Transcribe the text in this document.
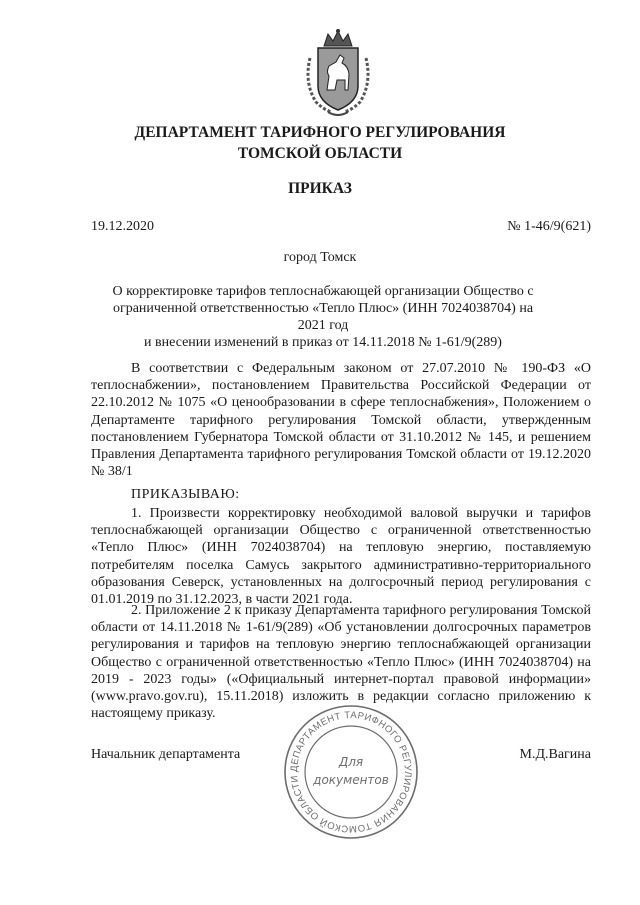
ДЕПАРТАМЕНТ ТАРИФНОГО РЕГУЛИРОВАНИЯ
ТОМСКОЙ ОБЛАСТИ
ПРИКАЗ
19.12.2020	№ 1-46/9(621)
город Томск
О корректировке тарифов теплоснабжающей организации Общество с
ограниченной ответственностью «Тепло Плюс» (ИНН 7024038704) на 2021 год
и внесении изменений в приказ от 14.11.2018 № 1-61/9(289)

В соответствии с Федеральным законом от 27.07.2010 № 190-ФЗ «О теплоснабжении», постановлением Правительства Российской Федерации от 22.10.2012 № 1075 «О ценообразовании в сфере теплоснабжения», Положением о Департаменте тарифного регулирования Томской области, утвержденным постановлением Губернатора Томской области от 31.10.2012 № 145, и решением Правления Департамента тарифного регулирования Томской области от 19.12.2020 № 38/1

ПРИКАЗЫВАЮ:

1. Произвести корректировку необходимой валовой выручки и тарифов теплоснабжающей организации Общество с ограниченной ответственностью «Тепло Плюс» (ИНН 7024038704) на тепловую энергию, поставляемую потребителям поселка Самусь закрытого административно-территориального образования Северск, установленных на долгосрочный период регулирования с 01.01.2019 по 31.12.2023, в части 2021 года.

2. Приложение 2 к приказу Департамента тарифного регулирования Томской области от 14.11.2018 № 1-61/9(289) «Об установлении долгосрочных параметров регулирования и тарифов на тепловую энергию теплоснабжающей организации Общество с ограниченной ответственностью «Тепло Плюс» (ИНН 7024038704) на 2019 - 2023 годы» («Официальный интернет-портал правовой информации» (www.pravo.gov.ru), 15.11.2018) изложить в редакции согласно приложению к настоящему приказу.

Начальник департамента	М.Д.Вагина
ДЕПАРТАМЕНТ ТАРИФНОГО РЕГУЛИРОВАНИЯ ТОМСКОЙ ОБЛАСТИ
Для
документов
